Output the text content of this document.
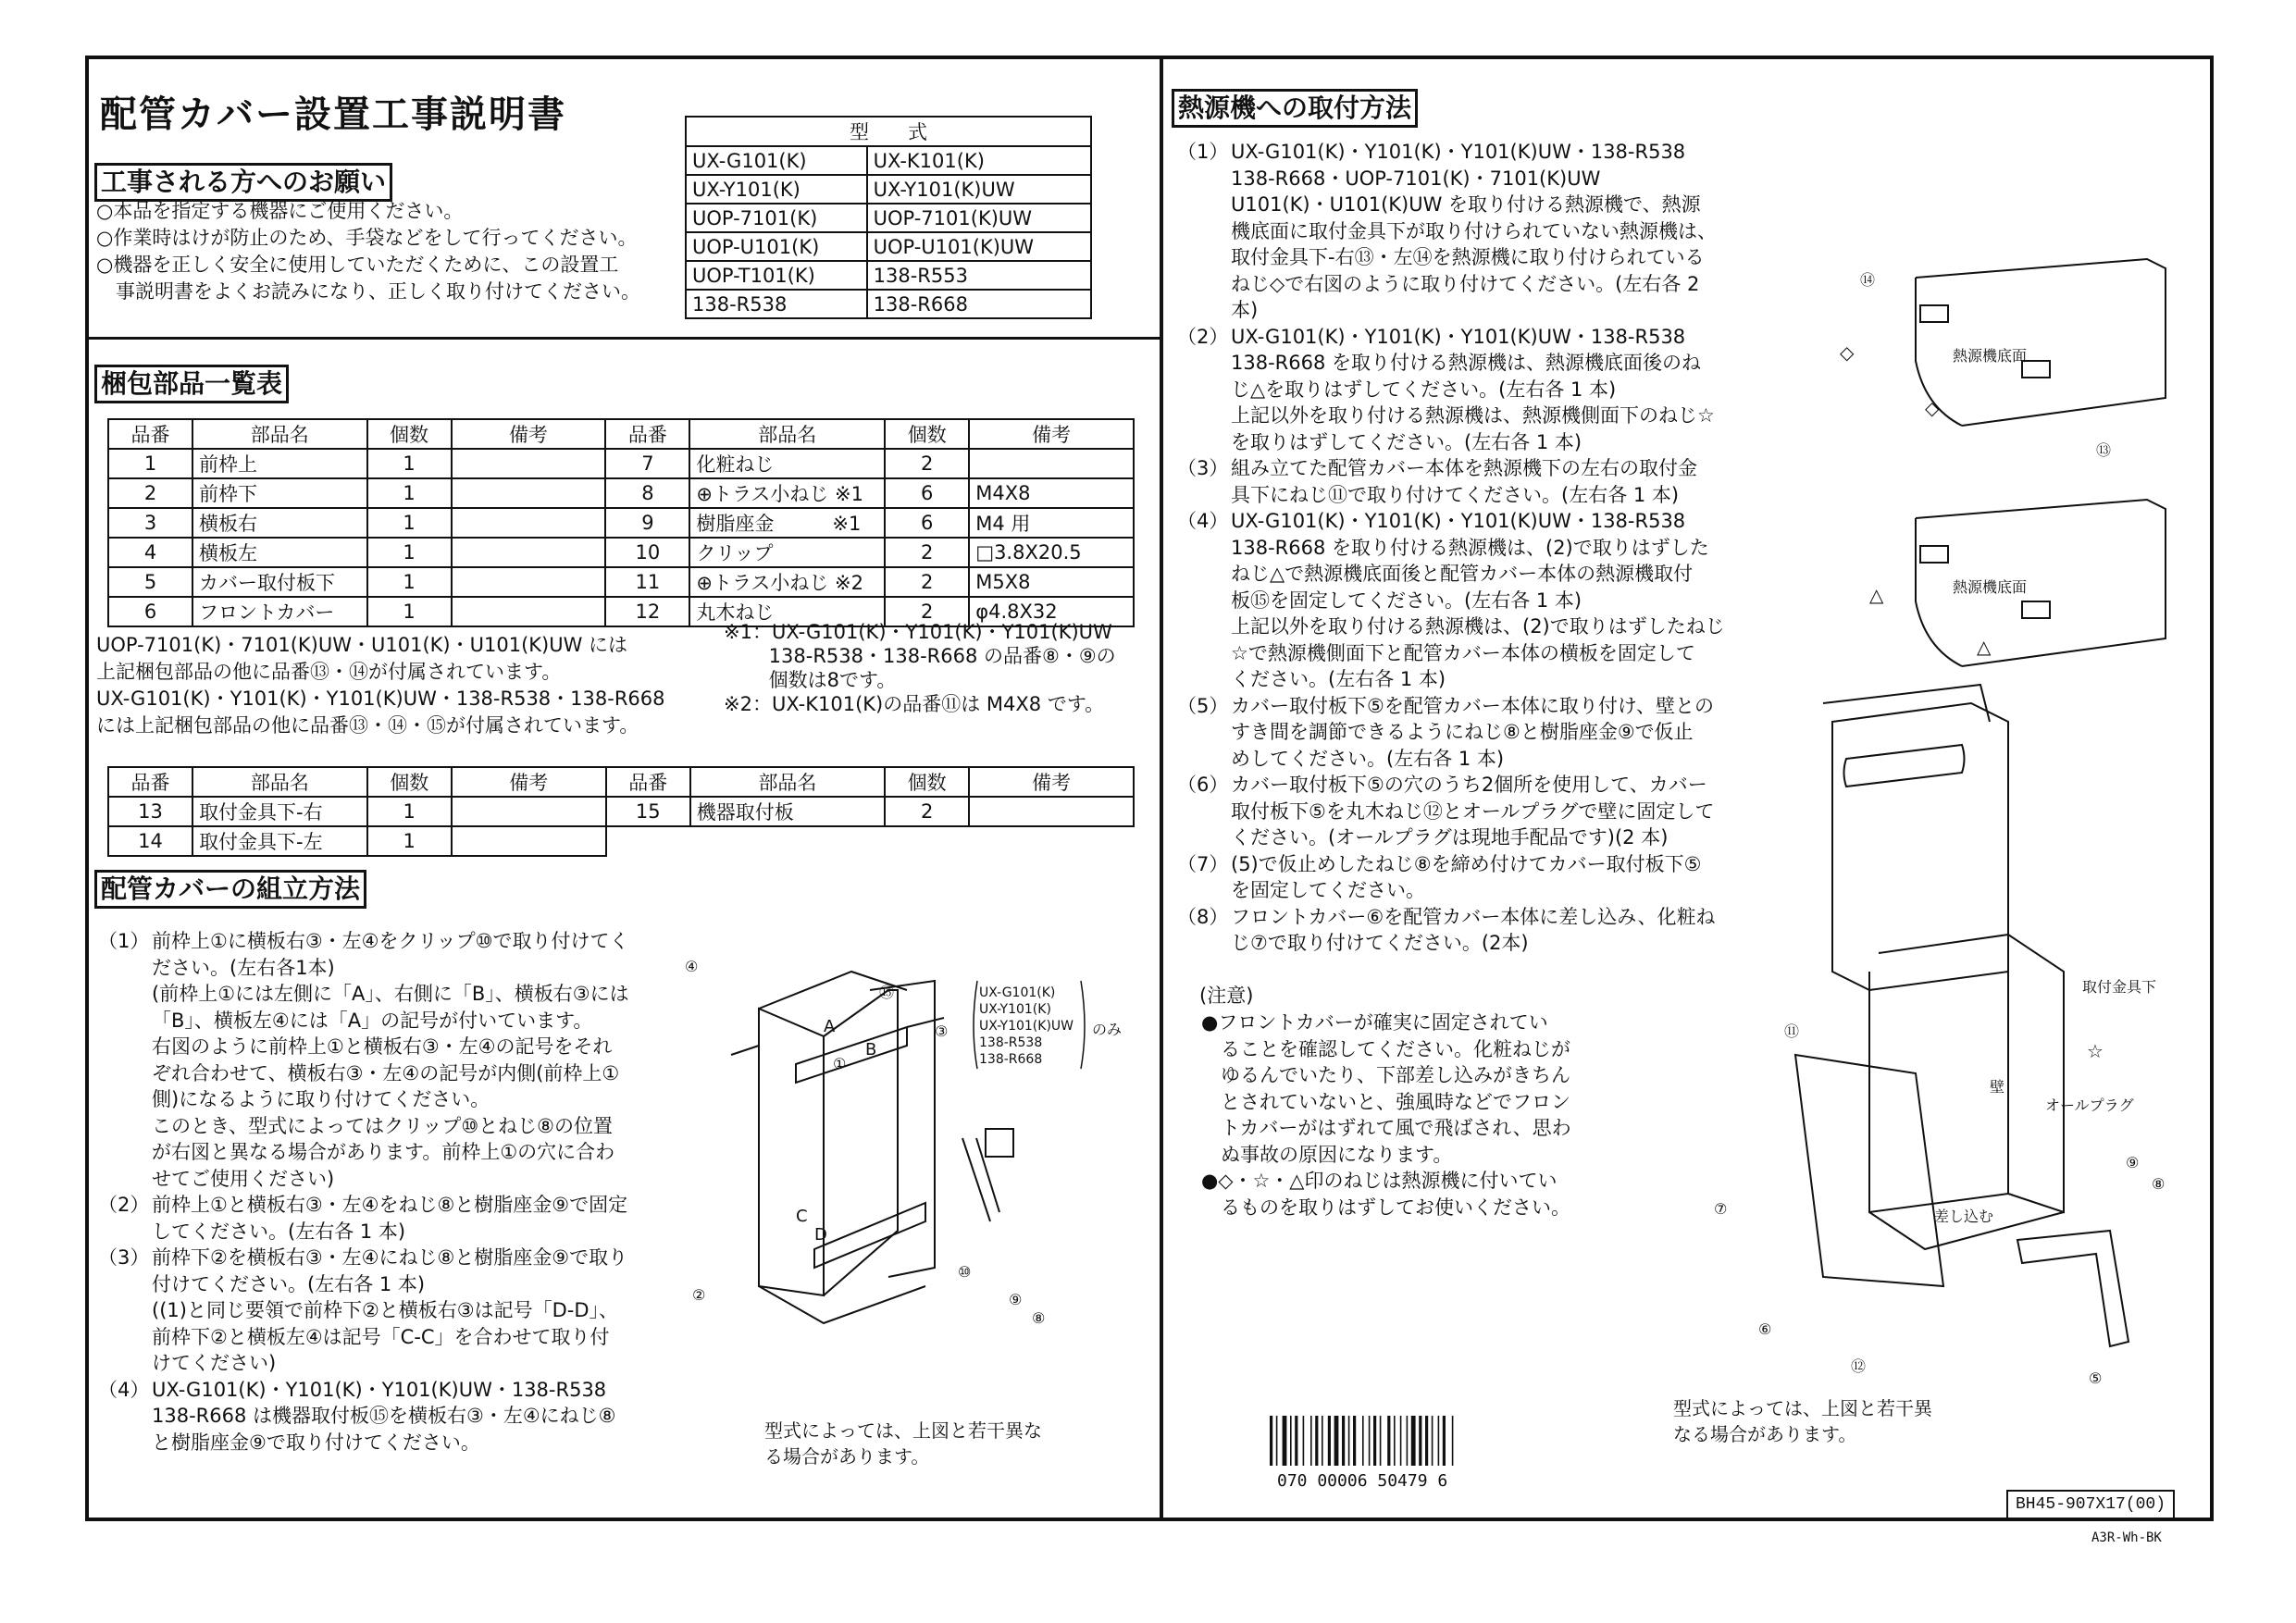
配管カバー設置工事説明書	型　　式	
UX-G101(K)	UX-K101(K)
UX-Y101(K)	UX-Y101(K)UW
UOP-7101(K)	UOP-7101(K)UW
UOP-U101(K)	UOP-U101(K)UW
UOP-T101(K)	138-R553
138-R538	138-R668
工事される方へのお願い
○本品を指定する機器にご使用ください。
○作業時はけが防止のため、手袋などをして行ってください。
○機器を正しく安全に使用していただくために、この設置工
　事説明書をよくお読みになり、正しく取り付けてください。
梱包部品一覧表
品番	部品名	個数	備考	品番	部品名	個数	備考
1	前枠上	1		7	化粧ねじ	2	
2	前枠下	1		8	⊕トラス小ねじ ※1	6	M4X8
3	横板右	1		9	樹脂座金　　　※1	6	M4 用
4	横板左	1		10	クリップ	2	□3.8X20.5
5	カバー取付板下	1		11	⊕トラス小ねじ ※2	2	M5X8
6	フロントカバー	1		12	丸木ねじ	2	φ4.8X32
UOP-7101(K)・7101(K)UW・U101(K)・U101(K)UW には
上記梱包部品の他に品番⑬・⑭が付属されています。
UX-G101(K)・Y101(K)・Y101(K)UW・138-R538・138-R668
には上記梱包部品の他に品番⑬・⑭・⑮が付属されています。
※1：UX-G101(K)・Y101(K)・Y101(K)UW
　　 138-R538・138-R668 の品番⑧・⑨の
　　 個数は8です。
※2：UX-K101(K)の品番⑪は M4X8 です。
品番	部品名	個数	備考	品番	部品名	個数	備考
13	取付金具下-右	1		15	機器取付板	2	
14	取付金具下-左	1					
配管カバーの組立方法
（1） 前枠上①に横板右③・左④をクリップ⑩で取り付けてく
ださい。(左右各1本)
(前枠上①には左側に「A」、右側に「B」、横板右③には
「B」、横板左④には「A」の記号が付いています。
右図のように前枠上①と横板右③・左④の記号をそれ
ぞれ合わせて、横板右③・左④の記号が内側(前枠上①
側)になるように取り付けてください。
このとき、型式によってはクリップ⑩とねじ⑧の位置
が右図と異なる場合があります。前枠上①の穴に合わ
せてご使用ください)
（2） 前枠上①と横板右③・左④をねじ⑧と樹脂座金⑨で固定
してください。(左右各 1 本)
（3） 前枠下②を横板右③・左④にねじ⑧と樹脂座金⑨で取り
付けてください。(左右各 1 本)
((1)と同じ要領で前枠下②と横板右③は記号「D-D」、
前枠下②と横板左④は記号「C-C」を合わせて取り付
けてください)
（4） UX-G101(K)・Y101(K)・Y101(K)UW・138-R538
138-R668 は機器取付板⑮を横板右③・左④にねじ⑧
と樹脂座金⑨で取り付けてください。
④
⑮
①
③
②
⑩
⑨
⑧
A
B
C
D
UX-G101(K)
UX-Y101(K)
UX-Y101(K)UW
138-R538
138-R668
のみ
型式によっては、上図と若干異な
る場合があります。
熱源機への取付方法
（1） UX-G101(K)・Y101(K)・Y101(K)UW・138-R538
138-R668・UOP-7101(K)・7101(K)UW
U101(K)・U101(K)UW を取り付ける熱源機で、熱源
機底面に取付金具下が取り付けられていない熱源機は、
取付金具下-右⑬・左⑭を熱源機に取り付けられている
ねじ◇で右図のように取り付けてください。(左右各 2
本)
（2） UX-G101(K)・Y101(K)・Y101(K)UW・138-R538
138-R668 を取り付ける熱源機は、熱源機底面後のね
じ△を取りはずしてください。(左右各 1 本)
上記以外を取り付ける熱源機は、熱源機側面下のねじ☆
を取りはずしてください。(左右各 1 本)
（3） 組み立てた配管カバー本体を熱源機下の左右の取付金
具下にねじ⑪で取り付けてください。(左右各 1 本)
（4） UX-G101(K)・Y101(K)・Y101(K)UW・138-R538
138-R668 を取り付ける熱源機は、(2)で取りはずした
ねじ△で熱源機底面後と配管カバー本体の熱源機取付
板⑮を固定してください。(左右各 1 本)
上記以外を取り付ける熱源機は、(2)で取りはずしたねじ
☆で熱源機側面下と配管カバー本体の横板を固定して
ください。(左右各 1 本)
（5） カバー取付板下⑤を配管カバー本体に取り付け、壁との
すき間を調節できるようにねじ⑧と樹脂座金⑨で仮止
めしてください。(左右各 1 本)
（6） カバー取付板下⑤の穴のうち2個所を使用して、カバー
取付板下⑤を丸木ねじ⑫とオールプラグで壁に固定して
ください。(オールプラグは現地手配品です)(2 本)
（7） (5)で仮止めしたねじ⑧を締め付けてカバー取付板下⑤
を固定してください。
（8） フロントカバー⑥を配管カバー本体に差し込み、化粧ね
じ⑦で取り付けてください。(2本)
(注意)
●フロントカバーが確実に固定されてい
　ることを確認してください。化粧ねじが
　ゆるんでいたり、下部差し込みがきちん
　とされていないと、強風時などでフロン
　トカバーがはずれて風で飛ばされ、思わ
　ぬ事故の原因になります。
●◇・☆・△印のねじは熱源機に付いてい
　るものを取りはずしてお使いください。
熱源機底面
熱源機底面
取付金具下
壁
オールプラグ
差し込む
◇
◇
△
△
☆
⑭
⑬
⑪
⑦
⑥
⑨
⑧
⑫
⑤
型式によっては、上図と若干異
なる場合があります。
070 00006 50479 6
BH45-907X17(00)
A3R-Wh-BK
